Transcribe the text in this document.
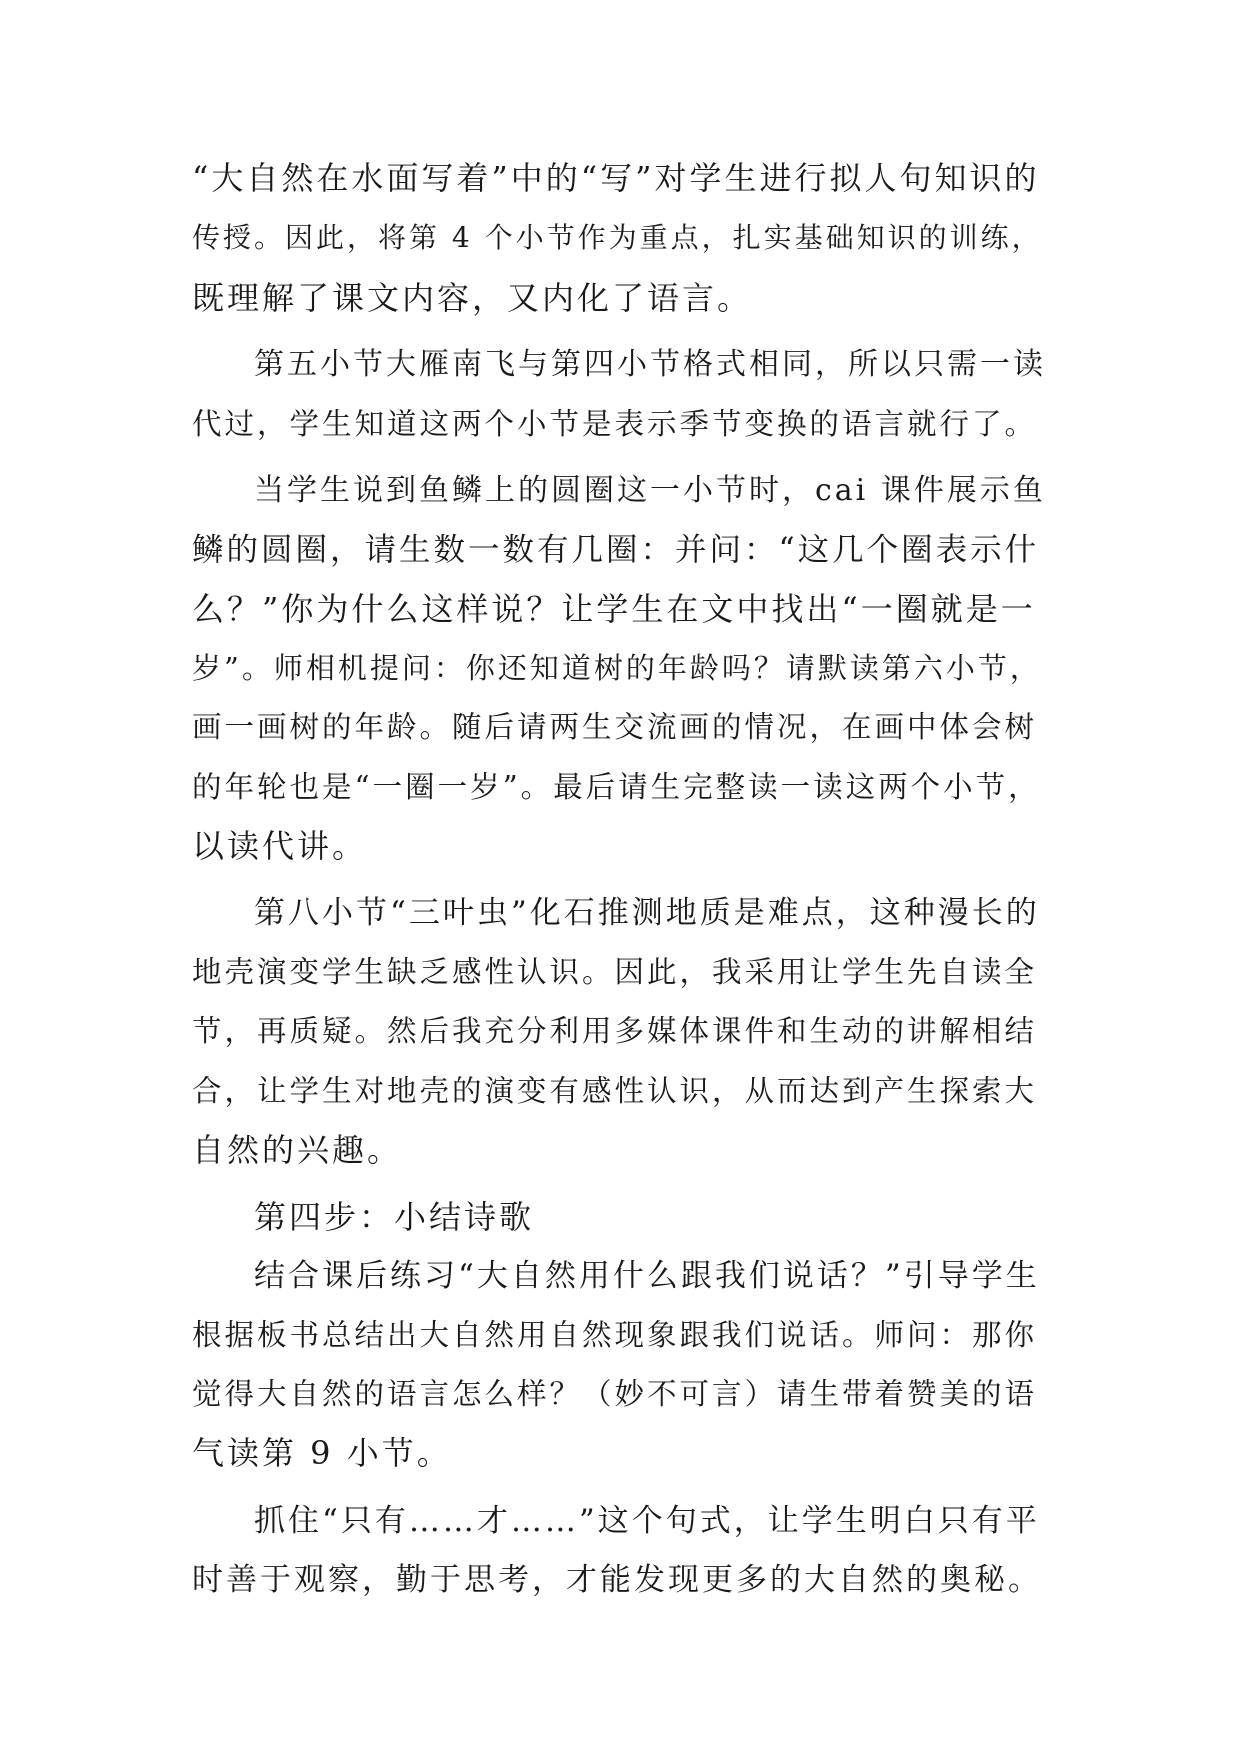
“大自然在水面写着”中的“写”对学生进行拟人句知识的
传授。因此，将第 4 个小节作为重点，扎实基础知识的训练，
既理解了课文内容，又内化了语言。
第五小节大雁南飞与第四小节格式相同，所以只需一读
代过，学生知道这两个小节是表示季节变换的语言就行了。
当学生说到鱼鳞上的圆圈这一小节时，cai 课件展示鱼
鳞的圆圈，请生数一数有几圈：并问：“这几个圈表示什
么？”你为什么这样说？让学生在文中找出“一圈就是一
岁”。师相机提问：你还知道树的年龄吗？请默读第六小节，
画一画树的年龄。随后请两生交流画的情况，在画中体会树
的年轮也是“一圈一岁”。最后请生完整读一读这两个小节，
以读代讲。
第八小节“三叶虫”化石推测地质是难点，这种漫长的
地壳演变学生缺乏感性认识。因此，我采用让学生先自读全
节，再质疑。然后我充分利用多媒体课件和生动的讲解相结
合，让学生对地壳的演变有感性认识，从而达到产生探索大
自然的兴趣。
第四步：小结诗歌
结合课后练习“大自然用什么跟我们说话？”引导学生
根据板书总结出大自然用自然现象跟我们说话。师问：那你
觉得大自然的语言怎么样？（妙不可言）请生带着赞美的语
气读第 9 小节。
抓住“只有……才……”这个句式，让学生明白只有平
时善于观察，勤于思考，才能发现更多的大自然的奥秘。
